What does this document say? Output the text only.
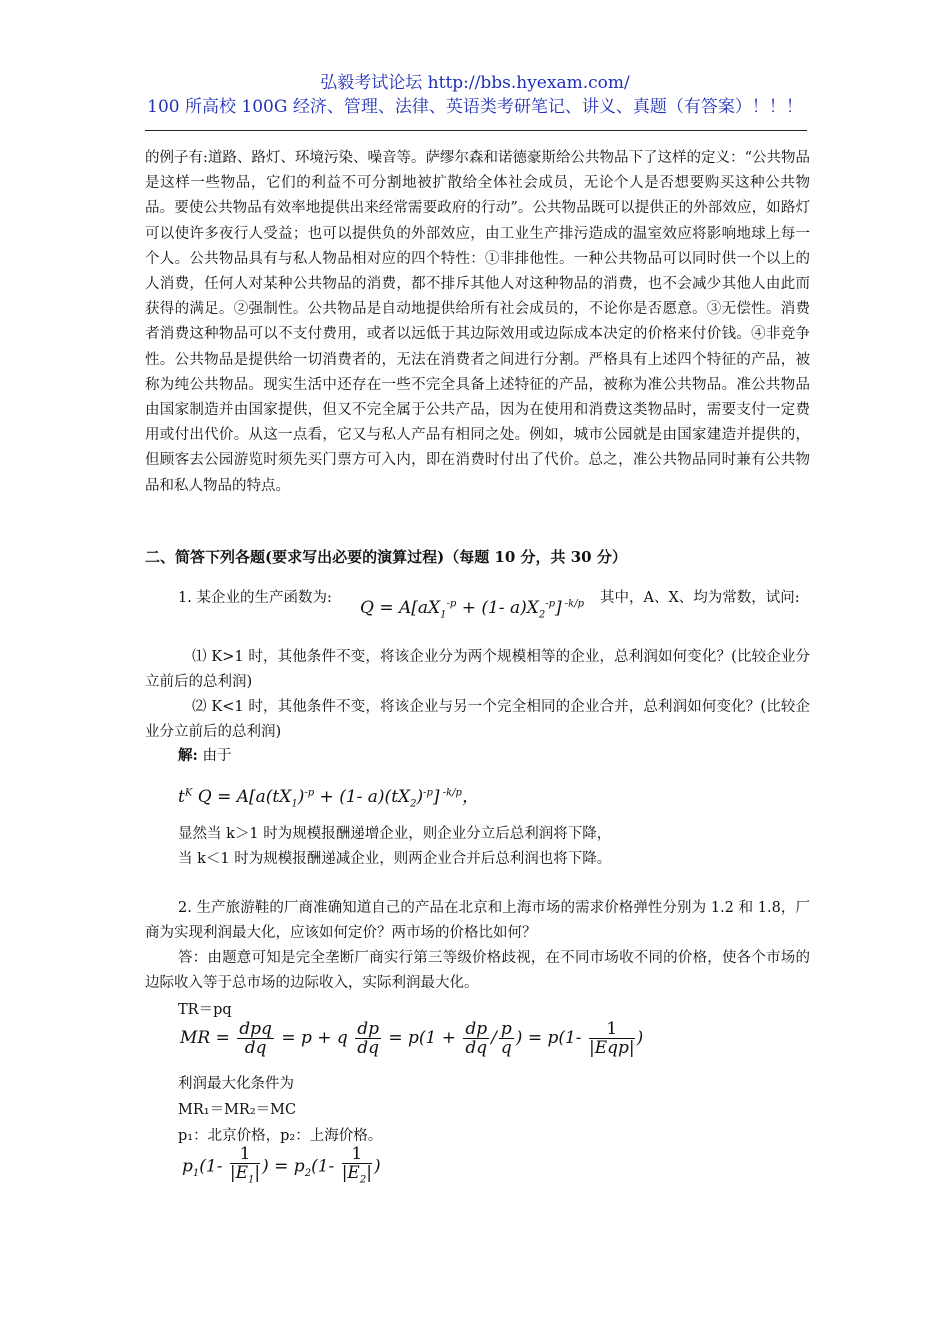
弘毅考试论坛 http://bbs.hyexam.com/
100 所高校 100G 经济、管理、法律、英语类考研笔记、讲义、真题（有答案）！！！
的例子有:道路、路灯、环境污染、噪音等。萨缪尔森和诺德豪斯给公共物品下了这样的定义：“公共物品是这样一些物品，它们的利益不可分割地被扩散给全体社会成员，无论个人是否想要购买这种公共物品。要使公共物品有效率地提供出来经常需要政府的行动”。公共物品既可以提供正的外部效应，如路灯可以使许多夜行人受益；也可以提供负的外部效应，由工业生产排污造成的温室效应将影响地球上每一个人。公共物品具有与私人物品相对应的四个特性：①非排他性。一种公共物品可以同时供一个以上的人消费，任何人对某种公共物品的消费，都不排斥其他人对这种物品的消费，也不会减少其他人由此而获得的满足。②强制性。公共物品是自动地提供给所有社会成员的，不论你是否愿意。③无偿性。消费者消费这种物品可以不支付费用，或者以远低于其边际效用或边际成本决定的价格来付价钱。④非竞争性。公共物品是提供给一切消费者的，无法在消费者之间进行分割。严格具有上述四个特征的产品，被称为纯公共物品。现实生活中还存在一些不完全具备上述特征的产品，被称为准公共物品。准公共物品由国家制造并由国家提供，但又不完全属于公共产品，因为在使用和消费这类物品时，需要支付一定费用或付出代价。从这一点看，它又与私人产品有相同之处。例如，城市公园就是由国家建造并提供的，但顾客去公园游览时须先买门票方可入内，即在消费时付出了代价。总之，准公共物品同时兼有公共物品和私人物品的特点。
二、简答下列各题(要求写出必要的演算过程)（每题 10 分，共 30 分）
1. 某企业的生产函数为: $Q = A[aX_1^{-p} + (1-$ $a)X_2^{-p}$] $^{-k/p}$ 其中，A、X、均为常数，试问:
⑴ K>1 时，其他条件不变，将该企业分为两个规模相等的企业，总利润如何变化？(比较企业分立前后的总利润)
⑵ K<1 时，其他条件不变，将该企业与另一个完全相同的企业合并，总利润如何变化？(比较企业分立前后的总利润)
解: 由于
$t^K$ $Q = A[a(tX_1)^{-p} + (1-$ $a)(tX_2)^{-p}$] $^{-k/p}$，
显然当 k＞1 时为规模报酬递增企业，则企业分立后总利润将下降，
当 k＜1 时为规模报酬递减企业，则两企业合并后总利润也将下降。
2. 生产旅游鞋的厂商准确知道自己的产品在北京和上海市场的需求价格弹性分别为 1.2 和 1.8，厂商为实现利润最大化，应该如何定价？两市场的价格比如何？
答：由题意可知是完全垄断厂商实行第三等级价格歧视，在不同市场收不同的价格，使各个市场的边际收入等于总市场的边际收入，实际利润最大化。
TR＝pq
MR = $\frac{\text{dpq}}{dq} = p + q \frac{dp}{dq} = p(1 + \frac{dp}{dq} / \frac{p}{q}$ ) = $p(1- \frac{1}{\text{|Eqp|}}$ )
利润最大化条件为
MR₁＝MR₂＝MC
p₁：北京价格，p₂：上海价格。
$p_1(1- \frac{1}{|E_1|}$ ) = $p_2(1- \frac{1}{|E_2|}$ )
